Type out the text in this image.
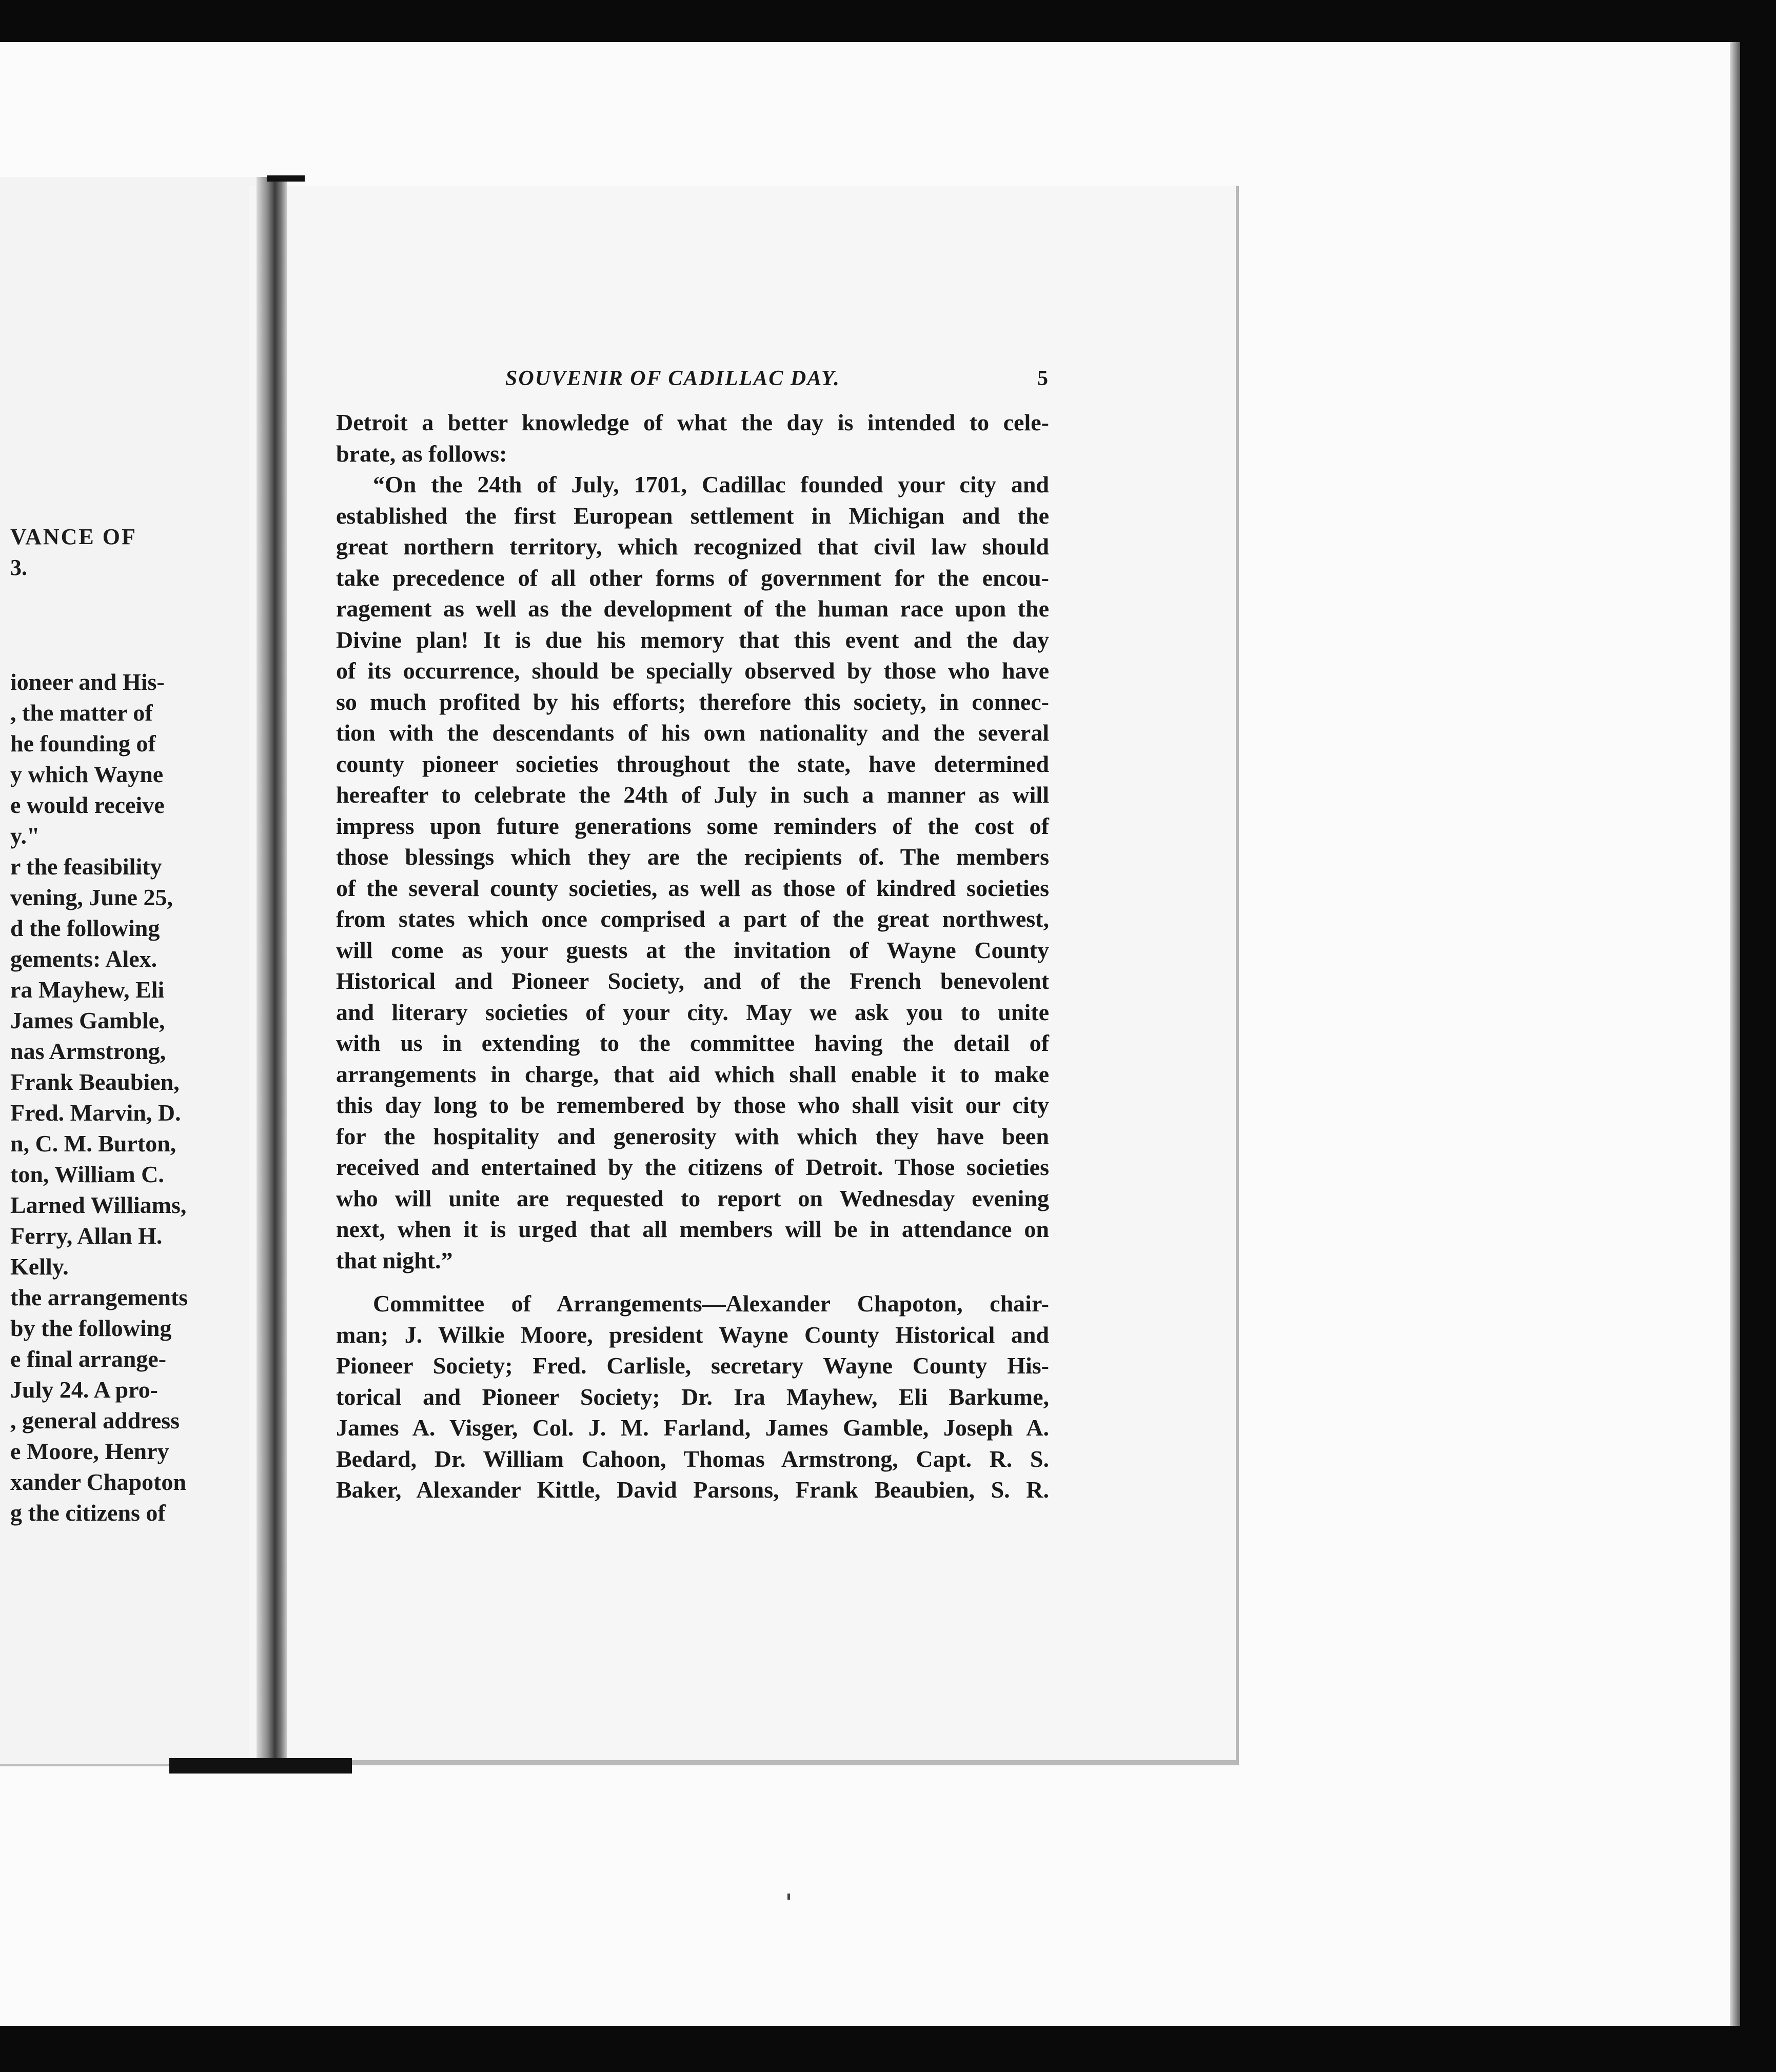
VANCE OF
3.
ioneer and His-
, the matter of
he founding of
y which Wayne
e would receive
y."
r the feasibility
vening, June 25,
d the following
gements: Alex.
ra Mayhew, Eli
James Gamble,
nas Armstrong,
Frank Beaubien,
Fred. Marvin, D.
n, C. M. Burton,
ton, William C.
Larned Williams,
Ferry, Allan H.
Kelly.
the arrangements
by the following
e final arrange-
July 24. A pro-
, general address
e Moore, Henry
xander Chapoton
g the citizens of
SOUVENIR OF CADILLAC DAY.	5

Detroit a better knowledge of what the day is intended to cele-

brate, as follows:

“On the 24th of July, 1701, Cadillac founded your city and

established the first European settlement in Michigan and the

great northern territory, which recognized that civil law should

take precedence of all other forms of government for the encou-

ragement as well as the development of the human race upon the

Divine plan! It is due his memory that this event and the day

of its occurrence, should be specially observed by those who have

so much profited by his efforts; therefore this society, in connec-

tion with the descendants of his own nationality and the several

county pioneer societies throughout the state, have determined

hereafter to celebrate the 24th of July in such a manner as will

impress upon future generations some reminders of the cost of

those blessings which they are the recipients of. The members

of the several county societies, as well as those of kindred societies

from states which once comprised a part of the great northwest,

will come as your guests at the invitation of Wayne County

Historical and Pioneer Society, and of the French benevolent

and literary societies of your city. May we ask you to unite

with us in extending to the committee having the detail of

arrangements in charge, that aid which shall enable it to make

this day long to be remembered by those who shall visit our city

for the hospitality and generosity with which they have been

received and entertained by the citizens of Detroit. Those societies

who will unite are requested to report on Wednesday evening

next, when it is urged that all members will be in attendance on

that night.”

Committee of Arrangements—Alexander Chapoton, chair-

man; J. Wilkie Moore, president Wayne County Historical and

Pioneer Society; Fred. Carlisle, secretary Wayne County His-

torical and Pioneer Society; Dr. Ira Mayhew, Eli Barkume,

James A. Visger, Col. J. M. Farland, James Gamble, Joseph A.

Bedard, Dr. William Cahoon, Thomas Armstrong, Capt. R. S.

Baker, Alexander Kittle, David Parsons, Frank Beaubien, S. R.
